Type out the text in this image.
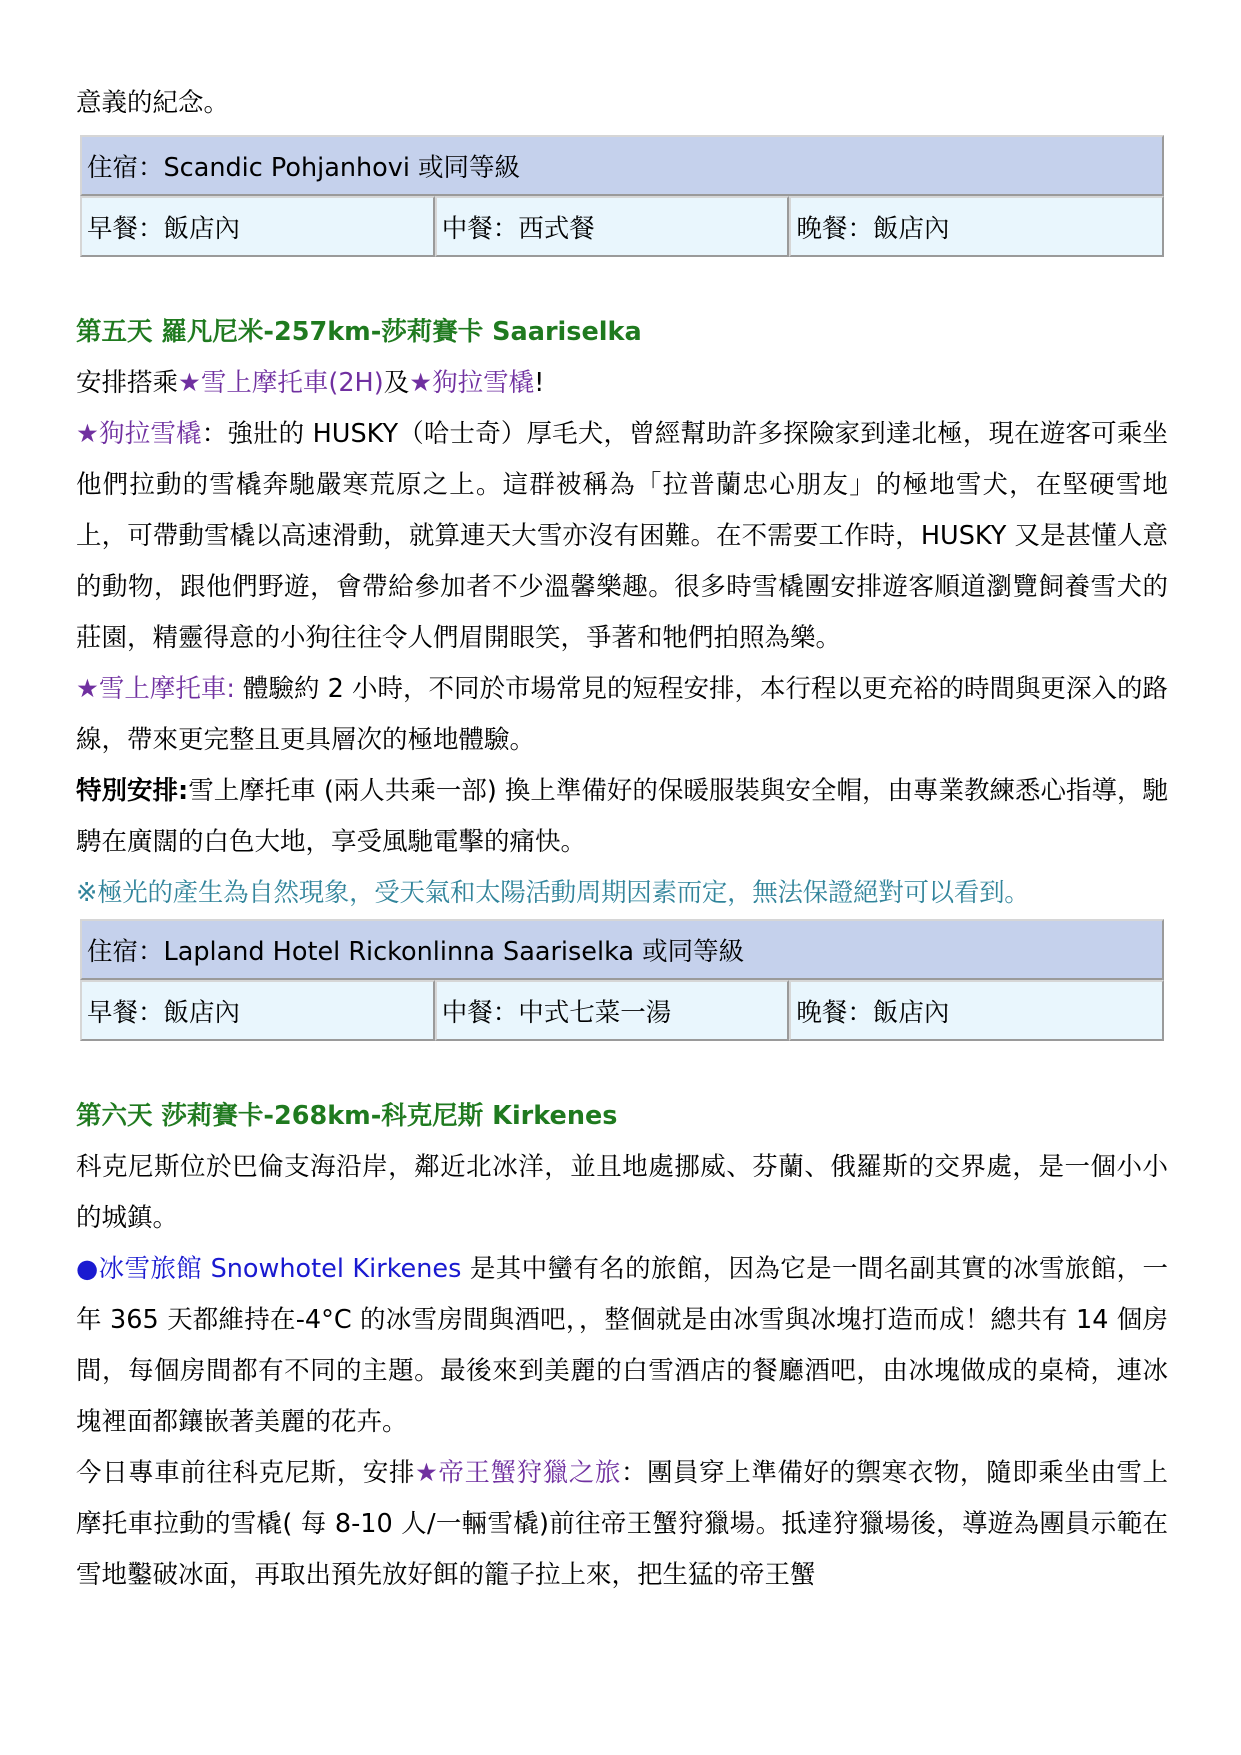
意義的紀念。

住宿：Scandic Pohjanhovi 或同等級
早餐：飯店內	中餐：西式餐	晚餐：飯店內
第五天 羅凡尼米-257km-莎莉賽卡 Saariselka

安排搭乘★雪上摩托車(2H)及★狗拉雪橇!

★狗拉雪橇：強壯的 HUSKY（哈士奇）厚毛犬，曾經幫助許多探險家到達北極，現在遊客可乘坐他們拉動的雪橇奔馳嚴寒荒原之上。這群被稱為「拉普蘭忠心朋友」的極地雪犬，在堅硬雪地上，可帶動雪橇以高速滑動，就算連天大雪亦沒有困難。在不需要工作時，HUSKY 又是甚懂人意的動物，跟他們野遊，會帶給參加者不少溫馨樂趣。很多時雪橇團安排遊客順道瀏覽飼養雪犬的莊園，精靈得意的小狗往往令人們眉開眼笑，爭著和牠們拍照為樂。

★雪上摩托車: 體驗約 2 小時，不同於市場常見的短程安排，本行程以更充裕的時間與更深入的路線，帶來更完整且更具層次的極地體驗。

特別安排:雪上摩托車 (兩人共乘一部) 換上準備好的保暖服裝與安全帽，由專業教練悉心指導，馳騁在廣闊的白色大地，享受風馳電擊的痛快。

※極光的產生為自然現象，受天氣和太陽活動周期因素而定，無法保證絕對可以看到。

住宿：Lapland Hotel Rickonlinna Saariselka 或同等級
早餐：飯店內	中餐：中式七菜一湯	晚餐：飯店內
第六天 莎莉賽卡-268km-科克尼斯 Kirkenes

科克尼斯位於巴倫支海沿岸，鄰近北冰洋，並且地處挪威、芬蘭、俄羅斯的交界處，是一個小小的城鎮。

●冰雪旅館 Snowhotel Kirkenes 是其中蠻有名的旅館，因為它是一間名副其實的冰雪旅館，一年 365 天都維持在-4°C 的冰雪房間與酒吧，，整個就是由冰雪與冰塊打造而成！總共有 14 個房間，每個房間都有不同的主題。最後來到美麗的白雪酒店的餐廳酒吧，由冰塊做成的桌椅，連冰塊裡面都鑲嵌著美麗的花卉。

今日專車前往科克尼斯，安排★帝王蟹狩獵之旅：團員穿上準備好的禦寒衣物，隨即乘坐由雪上摩托車拉動的雪橇( 每 8-10 人/一輛雪橇)前往帝王蟹狩獵場。抵達狩獵場後，導遊為團員示範在雪地鑿破冰面，再取出預先放好餌的籠子拉上來，把生猛的帝王蟹
